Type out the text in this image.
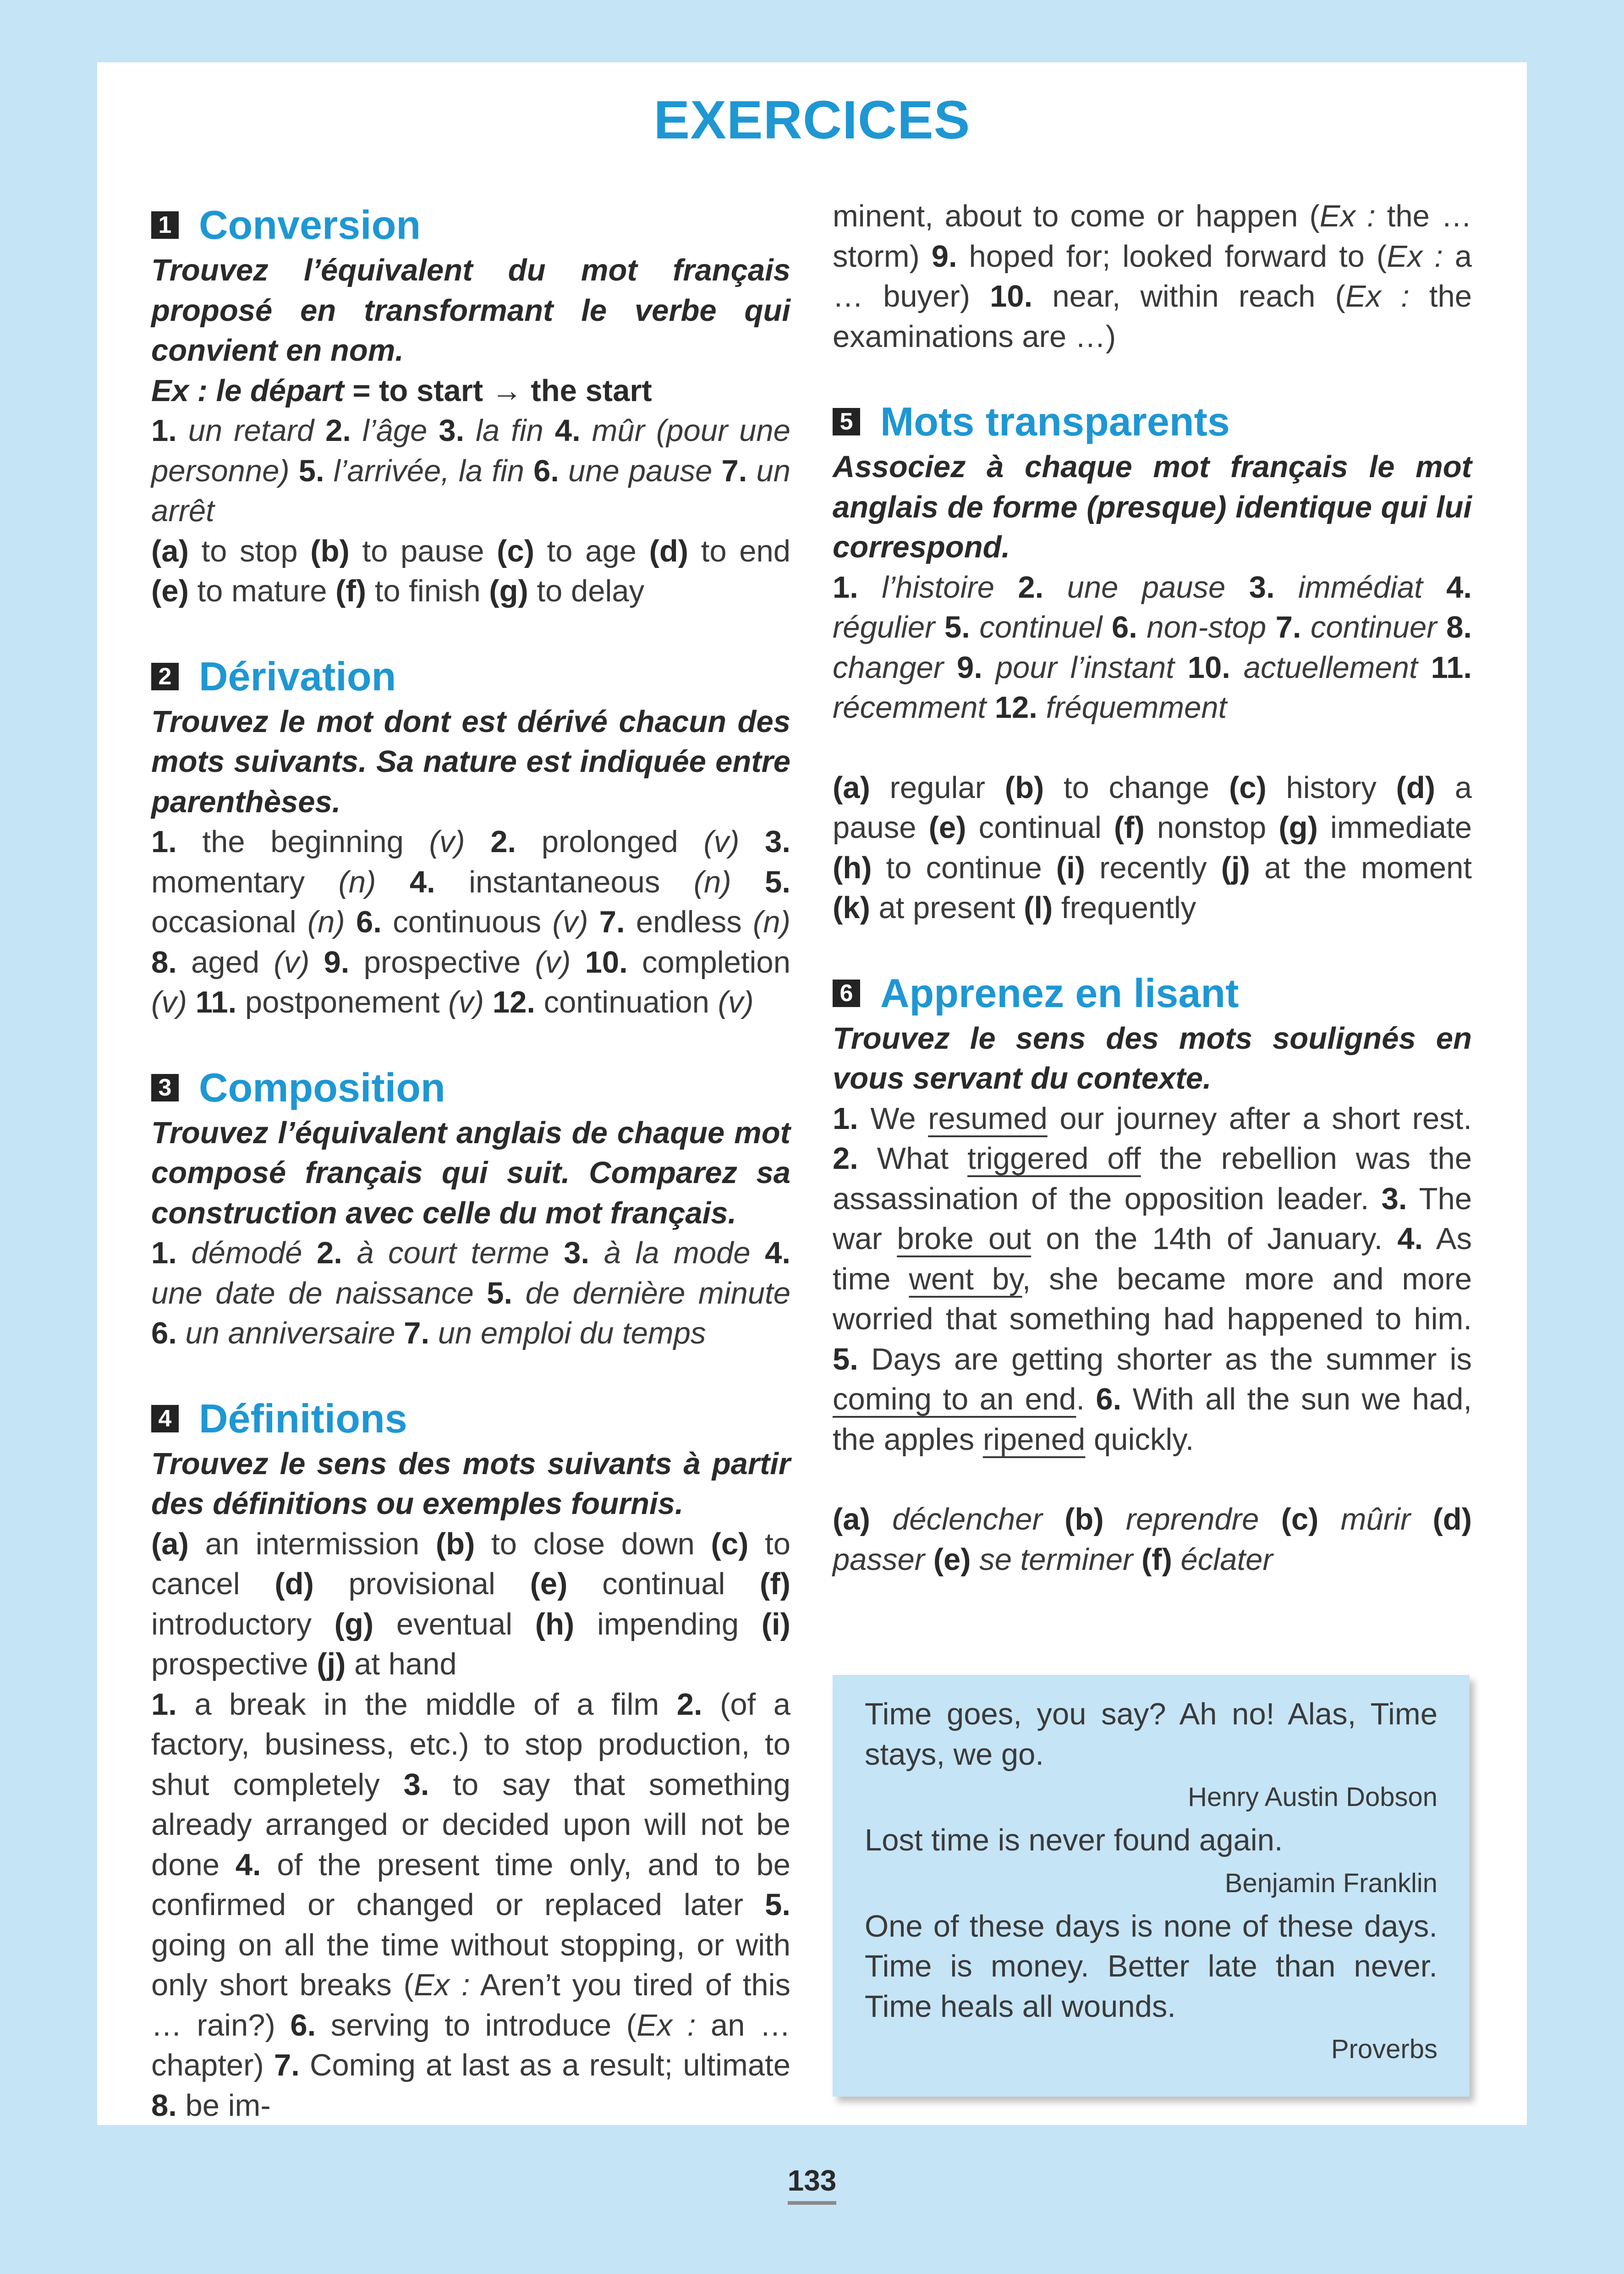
EXERCICES
1 Conversion

Trouvez l’équivalent du mot français proposé en transformant le verbe qui convient en nom.

Ex : le départ = to start → the start

1. un retard 2. l’âge 3. la fin 4. mûr (pour une personne) 5. l’arrivée, la fin 6. une pause 7. un arrêt

(a) to stop (b) to pause (c) to age (d) to end (e) to mature (f) to finish (g) to delay

2 Dérivation

Trouvez le mot dont est dérivé chacun des mots suivants. Sa nature est indiquée entre parenthèses.

1. the beginning (v) 2. prolonged (v) 3. momentary (n) 4. instantaneous (n) 5. occasional (n) 6. continuous (v) 7. endless (n) 8. aged (v) 9. prospective (v) 10. completion (v) 11. postponement (v) 12. continuation (v)

3 Composition

Trouvez l’équivalent anglais de chaque mot composé français qui suit. Comparez sa construction avec celle du mot français.

1. démodé 2. à court terme 3. à la mode 4. une date de naissance 5. de dernière minute 6. un anniversaire 7. un emploi du temps

4 Définitions

Trouvez le sens des mots suivants à partir des définitions ou exemples fournis.

(a) an intermission (b) to close down (c) to cancel (d) provisional (e) continual (f) introductory (g) eventual (h) impending (i) prospective (j) at hand

1. a break in the middle of a film 2. (of a factory, business, etc.) to stop production, to shut completely 3. to say that something already arranged or decided upon will not be done 4. of the present time only, and to be confirmed or changed or replaced later 5. going on all the time without stopping, or with only short breaks (Ex : Aren’t you tired of this … rain?) 6. serving to introduce (Ex : an … chapter) 7. Coming at last as a result; ultimate 8. be im-

minent, about to come or happen (Ex : the … storm) 9. hoped for; looked forward to (Ex : a … buyer) 10. near, within reach (Ex : the examinations are …)

5 Mots transparents

Associez à chaque mot français le mot anglais de forme (presque) identique qui lui correspond.

1. l’histoire 2. une pause 3. immédiat 4. régulier 5. continuel 6. non-stop 7. continuer 8. changer 9. pour l’instant 10. actuellement 11. récemment 12. fréquemment

(a) regular (b) to change (c) history (d) a pause (e) continual (f) nonstop (g) immediate (h) to continue (i) recently (j) at the moment (k) at present (l) frequently

6 Apprenez en lisant

Trouvez le sens des mots soulignés en vous servant du contexte.

1. We resumed our journey after a short rest. 2. What triggered off the rebellion was the assassination of the opposition leader. 3. The war broke out on the 14th of January. 4. As time went by, she became more and more worried that something had happened to him. 5. Days are getting shorter as the summer is coming to an end. 6. With all the sun we had, the apples ripened quickly.

(a) déclencher (b) reprendre (c) mûrir (d) passer (e) se terminer (f) éclater

Time goes, you say? Ah no! Alas, Time stays, we go.

Henry Austin Dobson

Lost time is never found again.

Benjamin Franklin

One of these days is none of these days. Time is money. Better late than never. Time heals all wounds.

Proverbs

133
